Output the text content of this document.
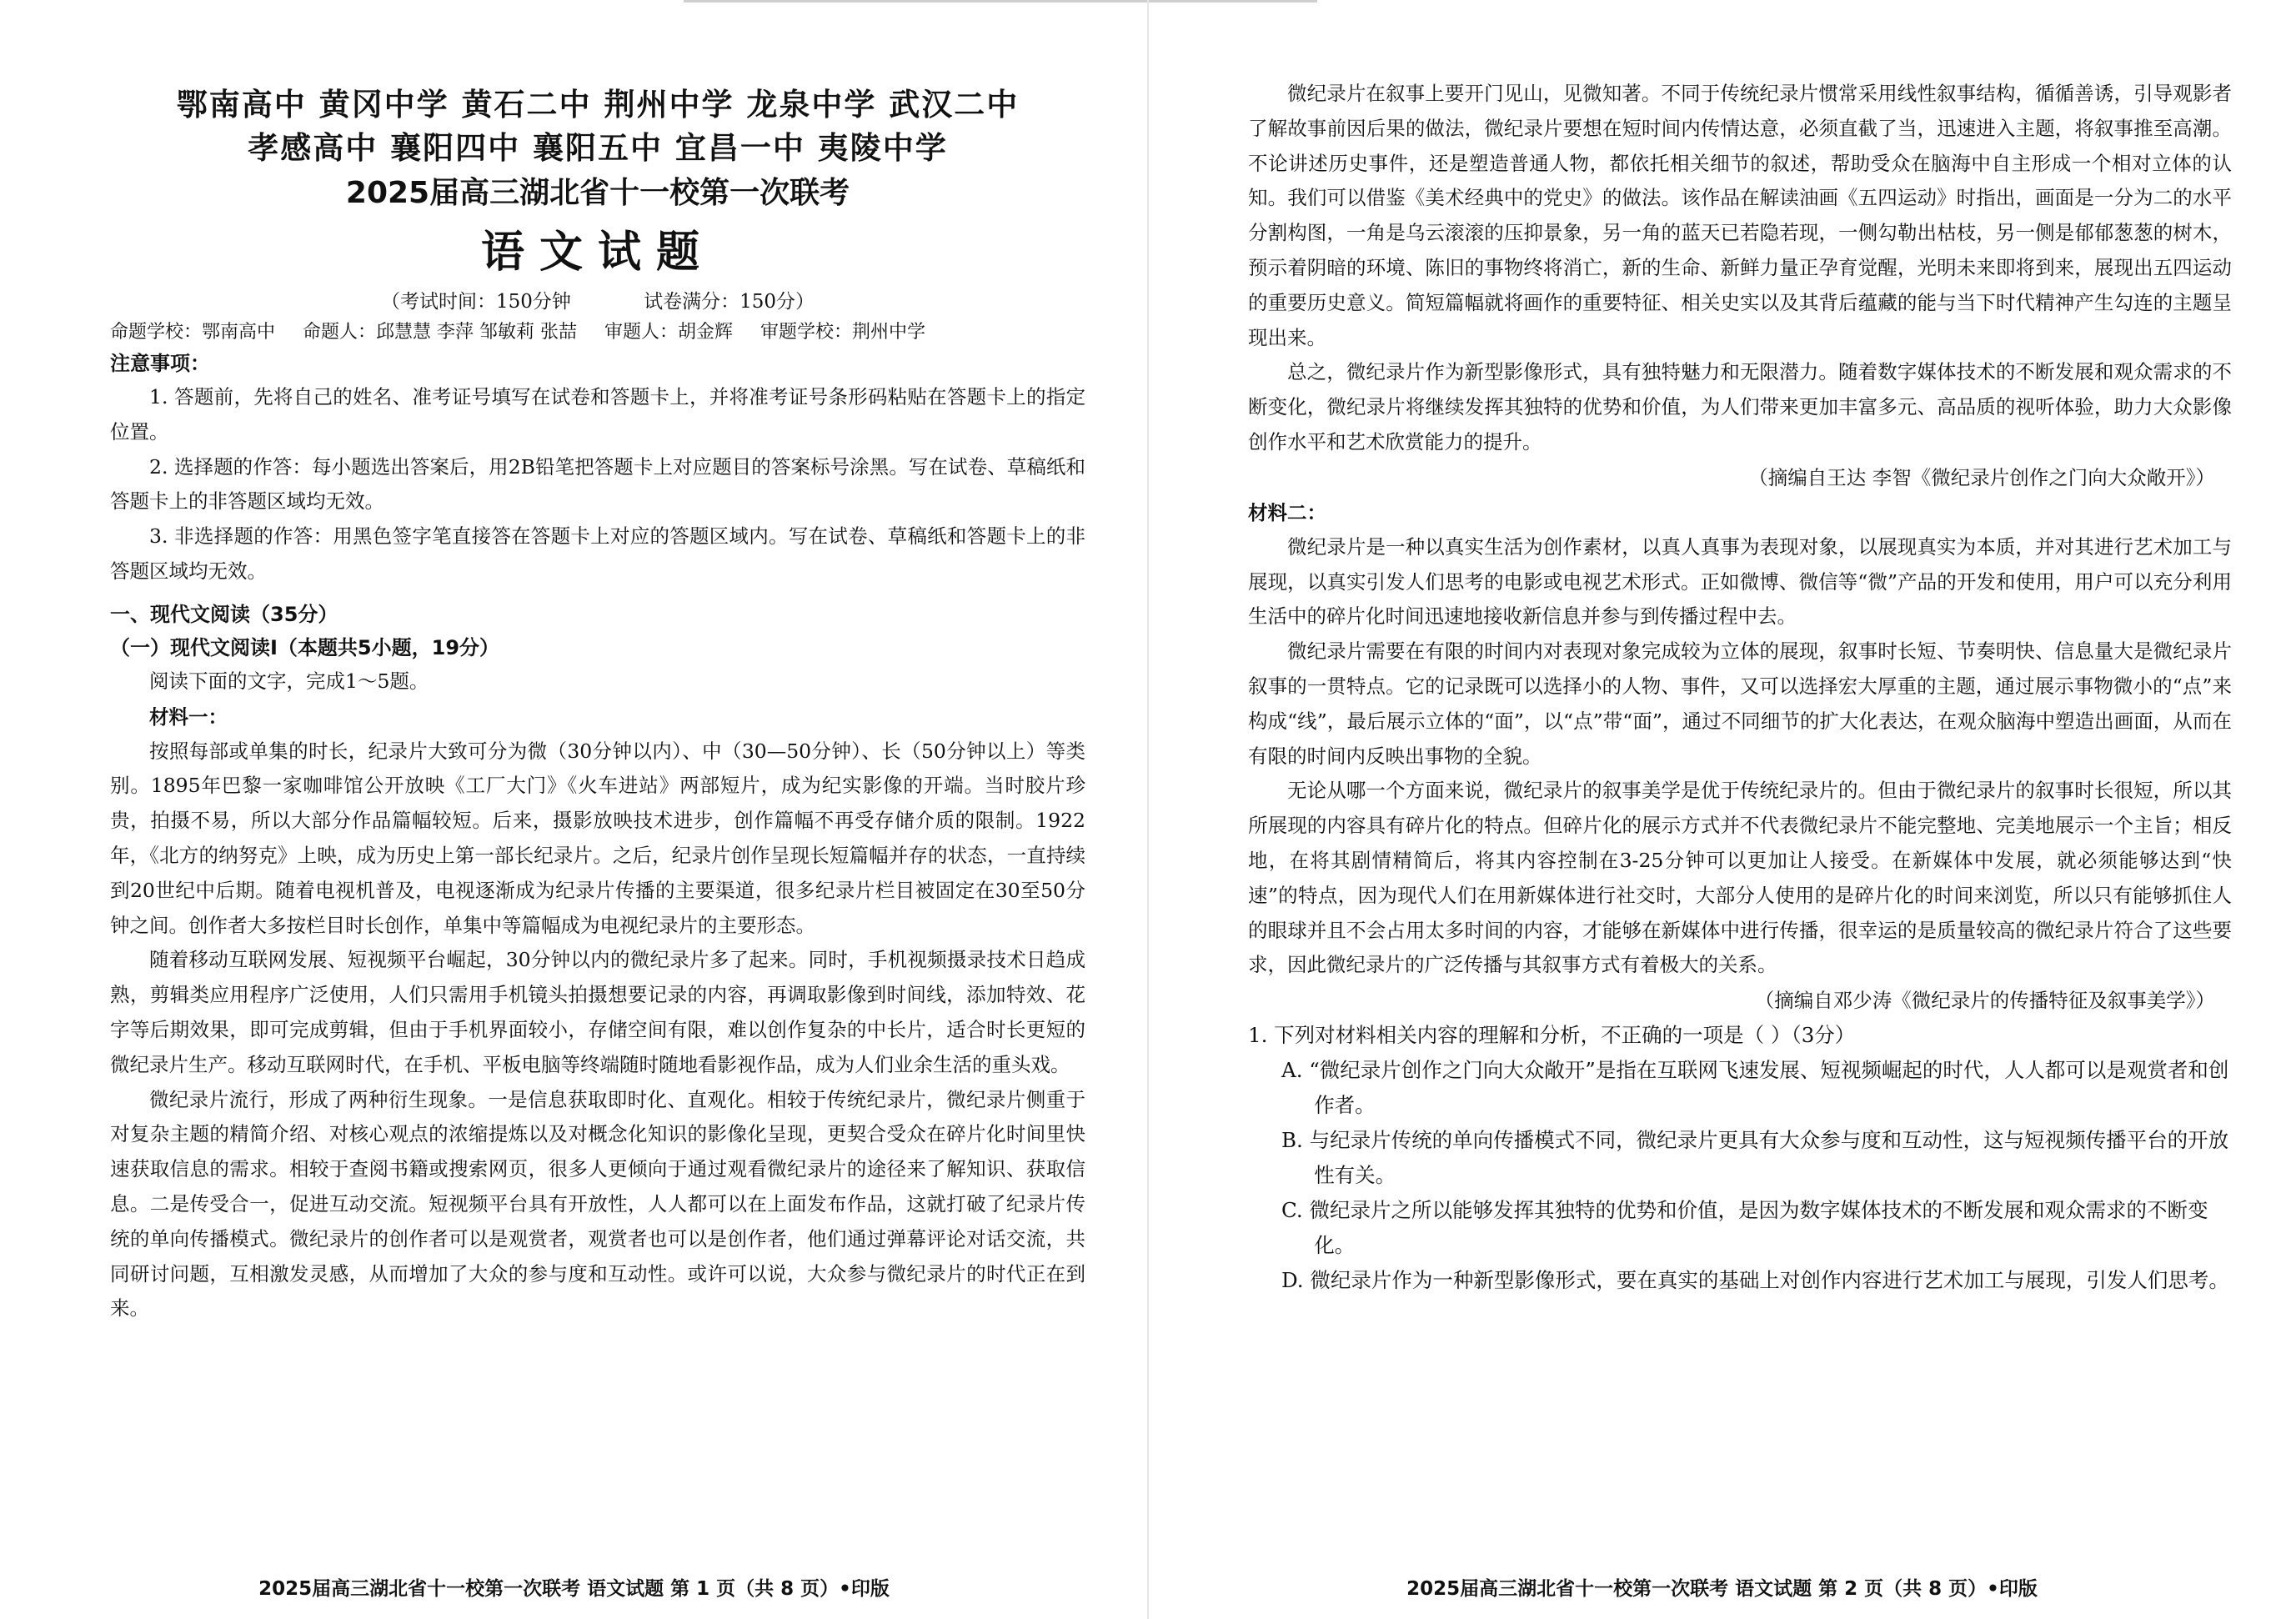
鄂南高中 黄冈中学 黄石二中 荆州中学 龙泉中学 武汉二中
孝感高中 襄阳四中 襄阳五中 宜昌一中 夷陵中学
2025届高三湖北省十一校第一次联考
语文试题
（考试时间：150分钟	试卷满分：150分）
命题学校：鄂南高中 命题人：邱慧慧 李萍 邹敏莉 张喆 审题人：胡金辉 审题学校：荆州中学
注意事项：

1. 答题前，先将自己的姓名、准考证号填写在试卷和答题卡上，并将准考证号条形码粘贴在答题卡上的指定位置。

2. 选择题的作答：每小题选出答案后，用2B铅笔把答题卡上对应题目的答案标号涂黑。写在试卷、草稿纸和答题卡上的非答题区域均无效。

3. 非选择题的作答：用黑色签字笔直接答在答题卡上对应的答题区域内。写在试卷、草稿纸和答题卡上的非答题区域均无效。

一、现代文阅读（35分）
（一）现代文阅读Ⅰ（本题共5小题，19分）

阅读下面的文字，完成1～5题。

材料一：

按照每部或单集的时长，纪录片大致可分为微（30分钟以内）、中（30—50分钟）、长（50分钟以上）等类别。1895年巴黎一家咖啡馆公开放映《工厂大门》《火车进站》两部短片，成为纪实影像的开端。当时胶片珍贵，拍摄不易，所以大部分作品篇幅较短。后来，摄影放映技术进步，创作篇幅不再受存储介质的限制。1922年，《北方的纳努克》上映，成为历史上第一部长纪录片。之后，纪录片创作呈现长短篇幅并存的状态，一直持续到20世纪中后期。随着电视机普及，电视逐渐成为纪录片传播的主要渠道，很多纪录片栏目被固定在30至50分钟之间。创作者大多按栏目时长创作，单集中等篇幅成为电视纪录片的主要形态。

随着移动互联网发展、短视频平台崛起，30分钟以内的微纪录片多了起来。同时，手机视频摄录技术日趋成熟，剪辑类应用程序广泛使用，人们只需用手机镜头拍摄想要记录的内容，再调取影像到时间线，添加特效、花字等后期效果，即可完成剪辑，但由于手机界面较小，存储空间有限，难以创作复杂的中长片，适合时长更短的微纪录片生产。移动互联网时代，在手机、平板电脑等终端随时随地看影视作品，成为人们业余生活的重头戏。

微纪录片流行，形成了两种衍生现象。一是信息获取即时化、直观化。相较于传统纪录片，微纪录片侧重于对复杂主题的精简介绍、对核心观点的浓缩提炼以及对概念化知识的影像化呈现，更契合受众在碎片化时间里快速获取信息的需求。相较于查阅书籍或搜索网页，很多人更倾向于通过观看微纪录片的途径来了解知识、获取信息。二是传受合一，促进互动交流。短视频平台具有开放性，人人都可以在上面发布作品，这就打破了纪录片传统的单向传播模式。微纪录片的创作者可以是观赏者，观赏者也可以是创作者，他们通过弹幕评论对话交流，共同研讨问题，互相激发灵感，从而增加了大众的参与度和互动性。或许可以说，大众参与微纪录片的时代正在到来。

2025届高三湖北省十一校第一次联考 语文试题 第 1 页（共 8 页）•印版

微纪录片在叙事上要开门见山，见微知著。不同于传统纪录片惯常采用线性叙事结构，循循善诱，引导观影者了解故事前因后果的做法，微纪录片要想在短时间内传情达意，必须直截了当，迅速进入主题，将叙事推至高潮。不论讲述历史事件，还是塑造普通人物，都依托相关细节的叙述，帮助受众在脑海中自主形成一个相对立体的认知。我们可以借鉴《美术经典中的党史》的做法。该作品在解读油画《五四运动》时指出，画面是一分为二的水平分割构图，一角是乌云滚滚的压抑景象，另一角的蓝天已若隐若现，一侧勾勒出枯枝，另一侧是郁郁葱葱的树木，预示着阴暗的环境、陈旧的事物终将消亡，新的生命、新鲜力量正孕育觉醒，光明未来即将到来，展现出五四运动的重要历史意义。简短篇幅就将画作的重要特征、相关史实以及其背后蕴藏的能与当下时代精神产生勾连的主题呈现出来。

总之，微纪录片作为新型影像形式，具有独特魅力和无限潜力。随着数字媒体技术的不断发展和观众需求的不断变化，微纪录片将继续发挥其独特的优势和价值，为人们带来更加丰富多元、高品质的视听体验，助力大众影像创作水平和艺术欣赏能力的提升。

（摘编自王达 李智《微纪录片创作之门向大众敞开》）
材料二：

微纪录片是一种以真实生活为创作素材，以真人真事为表现对象，以展现真实为本质，并对其进行艺术加工与展现，以真实引发人们思考的电影或电视艺术形式。正如微博、微信等“微”产品的开发和使用，用户可以充分利用生活中的碎片化时间迅速地接收新信息并参与到传播过程中去。

微纪录片需要在有限的时间内对表现对象完成较为立体的展现，叙事时长短、节奏明快、信息量大是微纪录片叙事的一贯特点。它的记录既可以选择小的人物、事件，又可以选择宏大厚重的主题，通过展示事物微小的“点”来构成“线”，最后展示立体的“面”，以“点”带“面”，通过不同细节的扩大化表达，在观众脑海中塑造出画面，从而在有限的时间内反映出事物的全貌。

无论从哪一个方面来说，微纪录片的叙事美学是优于传统纪录片的。但由于微纪录片的叙事时长很短，所以其所展现的内容具有碎片化的特点。但碎片化的展示方式并不代表微纪录片不能完整地、完美地展示一个主旨；相反地，在将其剧情精简后，将其内容控制在3-25分钟可以更加让人接受。在新媒体中发展，就必须能够达到“快速”的特点，因为现代人们在用新媒体进行社交时，大部分人使用的是碎片化的时间来浏览，所以只有能够抓住人的眼球并且不会占用太多时间的内容，才能够在新媒体中进行传播，很幸运的是质量较高的微纪录片符合了这些要求，因此微纪录片的广泛传播与其叙事方式有着极大的关系。

（摘编自邓少涛《微纪录片的传播特征及叙事美学》）
1. 下列对材料相关内容的理解和分析，不正确的一项是（ ）（3分）
A. “微纪录片创作之门向大众敞开”是指在互联网飞速发展、短视频崛起的时代，人人都可以是观赏者和创作者。
B. 与纪录片传统的单向传播模式不同，微纪录片更具有大众参与度和互动性，这与短视频传播平台的开放性有关。
C. 微纪录片之所以能够发挥其独特的优势和价值，是因为数字媒体技术的不断发展和观众需求的不断变化。
D. 微纪录片作为一种新型影像形式，要在真实的基础上对创作内容进行艺术加工与展现，引发人们思考。
2025届高三湖北省十一校第一次联考 语文试题 第 2 页（共 8 页）•印版
